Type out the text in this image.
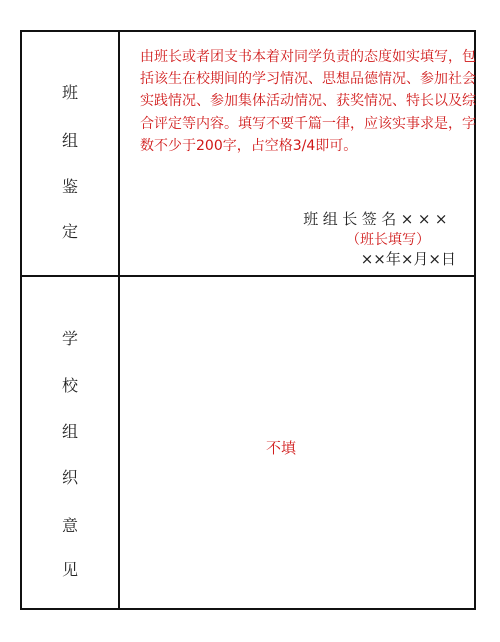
班
组
鉴
定

由班长或者团支书本着对同学负责的态度如实填写，包括该生在校期间的学习情况、思想品德情况、参加社会实践情况、参加集体活动情况、获奖情况、特长以及综合评定等内容。填写不要千篇一律，应该实事求是，字数不少于200字，占空格3/4即可。

班组长签名×××
（班长填写）
××年×月×日
学
校
组
织
意
见
不填
